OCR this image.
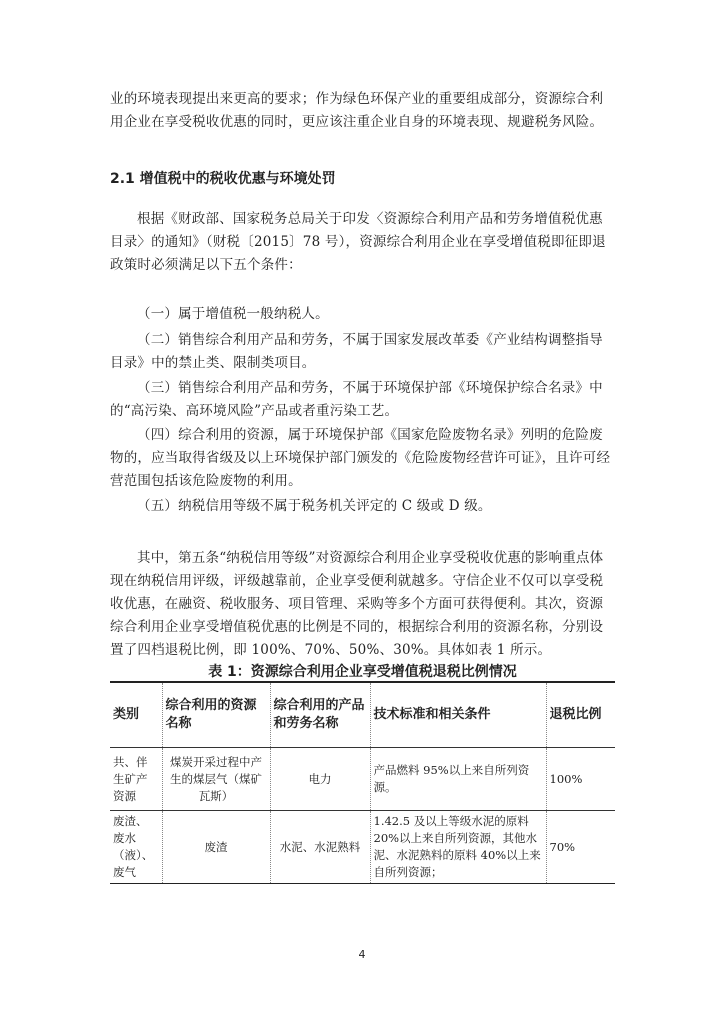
业的环境表现提出来更高的要求；作为绿色环保产业的重要组成部分，资源综合利用企业在享受税收优惠的同时，更应该注重企业自身的环境表现、规避税务风险。

2.1 增值税中的税收优惠与环境处罚

根据《财政部、国家税务总局关于印发〈资源综合利用产品和劳务增值税优惠目录〉的通知》（财税〔2015〕78 号），资源综合利用企业在享受增值税即征即退政策时必须满足以下五个条件：

（一）属于增值税一般纳税人。

（二）销售综合利用产品和劳务，不属于国家发展改革委《产业结构调整指导目录》中的禁止类、限制类项目。

（三）销售综合利用产品和劳务，不属于环境保护部《环境保护综合名录》中的“高污染、高环境风险”产品或者重污染工艺。

（四）综合利用的资源，属于环境保护部《国家危险废物名录》列明的危险废物的，应当取得省级及以上环境保护部门颁发的《危险废物经营许可证》，且许可经营范围包括该危险废物的利用。

（五）纳税信用等级不属于税务机关评定的 C 级或 D 级。

其中，第五条“纳税信用等级”对资源综合利用企业享受税收优惠的影响重点体现在纳税信用评级，评级越靠前，企业享受便利就越多。守信企业不仅可以享受税收优惠，在融资、税收服务、项目管理、采购等多个方面可获得便利。其次，资源综合利用企业享受增值税优惠的比例是不同的，根据综合利用的资源名称，分别设置了四档退税比例，即 100%、70%、50%、30%。具体如表 1 所示。

表 1：资源综合利用企业享受增值税退税比例情况
类别	综合利用的资源名称	综合利用的产品和劳务名称	技术标准和相关条件	退税比例
共、伴生矿产资源	煤炭开采过程中产生的煤层气（煤矿瓦斯）	电力	产品燃料 95%以上来自所列资源。	100%
废渣、废水（液）、废气	废渣	水泥、水泥熟料	1.42.5 及以上等级水泥的原料 20%以上来自所列资源，其他水泥、水泥熟料的原料 40%以上来自所列资源；	70%
4
